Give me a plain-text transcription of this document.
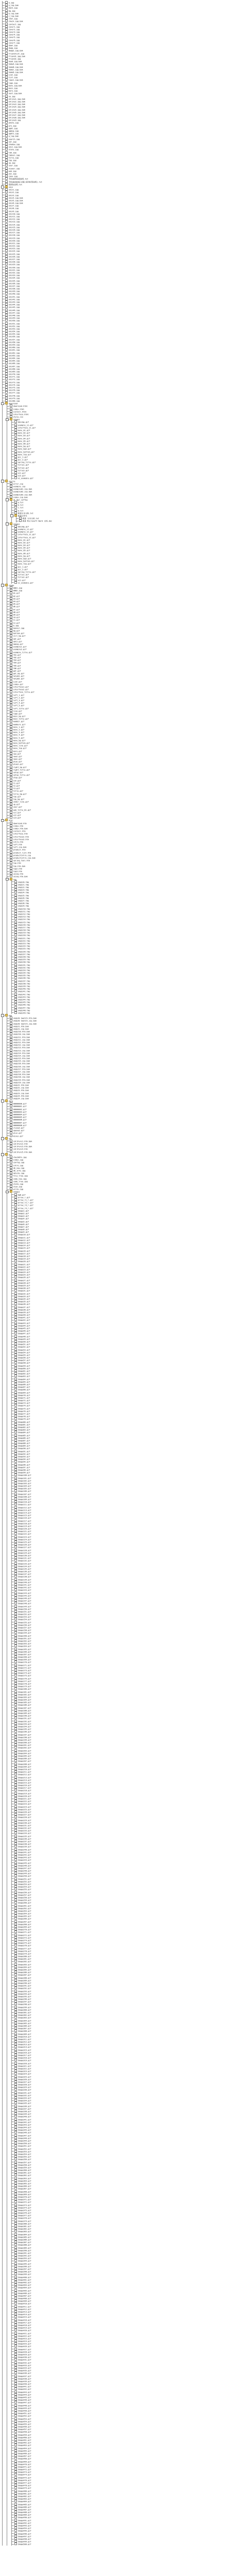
a.jpg
a_log.bak
back.jpg
bg.jpg
b_log.bak
c_log.bak
chat.jpg
check.jpg.bak
contact.jpg
cover1.jpg
cover2.jpg
cover3.jpg
cover4.jpg
cover5.jpg
cover6.jpg
cover7.jpg
down.jpg
dwqq.jpg
dwqq2.jpg.bak
friendlist.jpg
friend1.jpg.bak
friend2.jpg
head.jpg.bak
homeA.jpg.bak
homeB.jpg.bak
homeC.jpg.bak
homeD.jpg.bak
icon.jpg
list.jpg
login.jpg.bak
logo.jpg
menu.jpg.bak
mess.jpg
more.jpg
next.jpg.bak
no.jpg
online1.jpg.bak
online2.jpg.bak
online3.jpg.bak
online4.jpg.bak
online5.jpg.bak
online6.jpg.bak
online7.jpg.bak
online8.jpg.bak
online9.jpg
photo.jpg
pre.jpg
qqdt.jpg
qqmsg.jpg
qqdt1.jpg
q_log.bak
search.jpg
set.jpg
shadow.jpg
skin.jpg.bak
state.jpg
tab.jpg
tabsel.jpg
title.jpg
top.jpg
up.jpg
user.jpg
viewer.jpg
web.jpg
yes.jpg
zone.jpg
手机QQ网页版说明.txt
手机QQ2008正式版(适用机型说明).txt
资源包说明.txt
−	skin
skin1.jpg
skin2.jpg
skin3.jpg
skin4.jpg.bak
skin5.jpg.bak
skin6.jpg.bak
skin7.jpg
skin8.jpg
skin9.jpg
skin10.jpg
skin11.jpg
skin12.jpg
skin13.jpg
skin14.jpg
skin15.jpg
skin16.jpg
skin17.jpg
skin18.jpg
skin19.jpg
skin20.jpg
skin21.jpg
skin22.jpg
skin23.jpg
skin24.jpg
skin25.jpg
skin26.jpg
skin27.jpg
skin28.jpg
skin29.jpg
skin30.jpg
skin31.jpg
skin32.jpg
skin33.jpg
skin34.jpg
skin35.jpg
skin36.jpg
skin37.jpg
skin38.jpg
skin39.jpg
skin40.jpg
skin41.jpg
skin42.jpg
skin43.jpg
skin44.jpg
skin45.jpg
skin46.jpg
skin47.jpg
skin48.jpg
skin49.jpg
skin50.jpg
skin51.jpg
skin52.jpg
skin53.jpg
skin54.jpg
skin55.jpg
skin56.jpg
skin57.jpg
skin58.jpg
skin59.jpg
skin60.jpg
skin61.jpg
skin62.jpg
skin63.jpg
skin64.jpg
skin65.jpg
skin66.jpg
skin67.jpg
skin68.jpg
skin69.jpg
skin70.jpg
skin71.jpg
skin72.jpg
skin73.jpg
skin74.jpg
skin75.jpg
skin76.jpg
skin77.jpg
skin78.jpg
skin79.jpg
skin80.jpg
−	download
download.html
index.html
install.html
interface.html
style.css
−	images
bbsimg.gif
example_s1.gif
interface_s1.gif
menu_01.gif
menu_02.gif
menu_03.gif
menu_04.gif
menu_05.gif
menu_06.gif
menu_bg.gif
menu_bg2.gif
menu_bottom.gif
menu_top.gif
pic_1.gif
pic_2.gif
spring_title.gif
title1.gif
title2.gif
title3.gif
xz1.gif
xz2.gif
xz_example.gif
−	source
error.jsp
example.jsp
example01.jsp.bak
example02.jsp.bak
example03.jsp.bak
index.jsp.bak
−	ql_mgr_coffee
a.txt
b.txt
c.txt
d.txt
新建文本文档.txt
−	新建文件夹
新建 文本文档.txt
新建 Microsoft Word 文档.doc
−	images
bbsimg.gif
example_s1.gif
example_s2.gif
interface_s1.gif
interface_s2.gif
menu_01.gif
menu_02.gif
menu_03.gif
menu_04.gif
menu_05.gif
menu_06.gif
menu_bg.gif
menu_bg2.gif
menu_bottom.gif
menu_top.gif
pic_1.gif
pic_2.gif
spring_title.gif
title1.gif
title2.gif
xz1.gif
xz_example.gif
−	image
0001.jpg
0002.jpg
01.gif
02.gif
03.gif
04.gif
05.gif
06.gif
07.gif
08.gif
09.gif
10.gif
11.gif
12.gif
b.jpg
banner.jpg
bg.gif
bottom.gif
circ_bg.gif
dot.gif
dot2.gif
dwmsg.gif
example1.gif
example2.gif
example_title.gif
f01.gif
f02.gif
f03.gif
f04.gif
f05.gif
f06.gif
get.gif
get_bg.gif
help01.gif
help02.gif
icon.gif
index.gif
interface1.gif
interface2.gif
interface_title.gif
left_1.gif
left_2.gif
left_3.gif
left_4.gif
left_5.gif
left_title.gif
line.gif
logo.gif
main_bg.gif
main_title.gif
member.gif
members.gif
menu_1.gif
menu_2.gif
menu_3.gif
menu_4.gif
menu_5.gif
menu_bg.gif
menu_bottom.gif
menu_line.gif
menu_top.gif
more.gif
new.gif
new2.gif
news.gif
play.gif
play2.gif
right_bg.gif
right_title.gif
setup.gif
setup_title.gif
step.gif
sun.gif
t1.gif
t2.gif
t3.gif
title.gif
title_bg.gif
top.gif
top_bg.gif
under_line.gif
up.gif
user.gif
web_title_01.gif
xz1.gif
xz2.gif
xz3.gif
−	html
download.htm
index.htm
index.htm.bak
install.htm
interface.htm
interface2.htm
interface3.htm
intro.htm
left.htm
left.jsp.bak
product.htm
product_list.htm
productintro.jsp
productintro.jsp.bak
spring_tool.htm
top.htm
top.htm.bak
top2.htm
top3.htm
using.htm
using.htm.bak
−	tmp
skqSJ0.tmp
skqSJ1.tmp
skqSJ2.tmp
skqSJ3.tmp
skqSJ4.tmp
skqSJ5.tmp
skqSJ6.tmp
skqSJ7.tmp
skqSJ8.tmp
skqSJ9.tmp
skqSJ10.tmp
skqSJ11.tmp
skqSJ12.tmp
skqSJ13.tmp
skqSJ14.tmp
skqSJ15.tmp
skqSJ16.tmp
skqSJ17.tmp
skqSJ18.tmp
skqSJ19.tmp
skqSJ20.tmp
skqSJ21.tmp
skqSJ22.tmp
skqSJ23.tmp
skqSJ24.tmp
skqSJ25.tmp
skqSJ26.tmp
skqSJ27.tmp
skqSJ28.tmp
skqSJ29.tmp
skqSJ30.tmp
skqSJ31.tmp
skqSJ32.tmp
skqSJ33.tmp
skqSJ34.tmp
skqSJ35.tmp
skqSJ36.tmp
skqSJ37.tmp
skqSJ38.tmp
skqSJ39.tmp
skqSJ40.tmp
skqSJ41.tmp
skqSJ42.tmp
skqSJ43.tmp
skqSJ44.tmp
skqSJ45.tmp
skqSJ46.tmp
skqSJ47.tmp
skqSJ48.tmp
skqSJ49.tmp
−	bak
skqSJ0 Swatch.htm.bak
skqSJ0 Swatch.jsp.bak
skqSJ0 Swatch.jsp.bak
skqSJ1.htm.bak
skqSJ1.jsp.bak
skqSJ10.htm.bak
skqSJ10.jsp.bak
skqSJ11.htm.bak
skqSJ11.jsp.bak
skqSJ12.htm.bak
skqSJ12.jsp.bak
skqSJ13.htm.bak
skqSJ13.jsp.bak
skqSJ14.htm.bak
skqSJ14.jsp.bak
skqSJ15.htm.bak
skqSJ15.jsp.bak
skqSJ16.htm.bak
skqSJ16.jsp.bak
skqSJ17.htm.bak
skqSJ17.jsp.bak
skqSJ18.htm.bak
skqSJ18.jsp.bak
skqSJ19.htm.bak
skqSJ19.jsp.bak
skqSJ2.htm.bak
skqSJ2.jsp.bak
skqSJ3.htm.bak
skqSJ3.jsp.bak
skqSJ4.htm.bak
skqSJ4.jsp.bak
−	data
00000000.gif
00000001.gif
00000002.gif
00000003.gif
00000004.gif
00000005.gif
00000006.gif
00000007.gif
00000008.gif
closed.gif
opened.gif
plus.gif
minus.gif
−	xml
callFunc1.htm.bak
callFunc2.htm
callFunc3.htm.bak
callFunc4.htm
callFunc5.htm.bak
−	pic
checkBtn.jpg
index.jpg
config.jpg
intro.jpg
db_new.jpg
db_info.jpg
delete.jpg
file_tree.jpg
code_new.jpg
code_tree.jpg
state.jpg
view.jpg
write.jpg
−	images
bg0.gif
arrow_r.gif
arrow_r1_r.gif
arrow_r2_r.gif
arrow_r3_r.gif
arrow_r4_r.gif
Image1.gif
Image2.gif
Image3.gif
Image4.gif
Image5.gif
Image6.gif
Image7.gif
Image8.gif
Image9.gif
Image10.gif
Image11.gif
Image12.gif
Image13.gif
Image14.gif
Image15.gif
Image16.gif
Image17.gif
Image18.gif
Image19.gif
Image20.gif
Image21.gif
Image22.gif
Image23.gif
Image24.gif
Image25.gif
Image26.gif
Image27.gif
Image28.gif
Image29.gif
Image30.gif
Image31.gif
Image32.gif
Image33.gif
Image34.gif
Image35.gif
Image36.gif
Image37.gif
Image38.gif
Image39.gif
Image40.gif
Image41.gif
Image42.gif
Image43.gif
Image44.gif
Image45.gif
Image46.gif
Image47.gif
Image48.gif
Image49.gif
Image50.gif
Image51.gif
Image52.gif
Image53.gif
Image54.gif
Image55.gif
Image56.gif
Image57.gif
Image58.gif
Image59.gif
Image60.gif
Image61.gif
Image62.gif
Image63.gif
Image64.gif
Image65.gif
Image66.gif
Image67.gif
Image68.gif
Image69.gif
Image70.gif
Image71.gif
Image72.gif
Image73.gif
Image74.gif
Image75.gif
Image76.gif
Image77.gif
Image78.gif
Image79.gif
Image80.gif
Image81.gif
Image82.gif
Image83.gif
Image84.gif
Image85.gif
Image86.gif
Image87.gif
Image88.gif
Image89.gif
Image90.gif
Image91.gif
Image92.gif
Image93.gif
Image94.gif
Image95.gif
Image96.gif
Image97.gif
Image98.gif
Image99.gif
Image100.gif
Image101.gif
Image102.gif
Image103.gif
Image104.gif
Image105.gif
Image106.gif
Image107.gif
Image108.gif
Image109.gif
Image110.gif
Image111.gif
Image112.gif
Image113.gif
Image114.gif
Image115.gif
Image116.gif
Image117.gif
Image118.gif
Image119.gif
Image120.gif
Image121.gif
Image122.gif
Image123.gif
Image124.gif
Image125.gif
Image126.gif
Image127.gif
Image128.gif
Image129.gif
Image130.gif
Image131.gif
Image132.gif
Image133.gif
Image134.gif
Image135.gif
Image136.gif
Image137.gif
Image138.gif
Image139.gif
Image140.gif
Image141.gif
Image142.gif
Image143.gif
Image144.gif
Image145.gif
Image146.gif
Image147.gif
Image148.gif
Image149.gif
Image150.gif
Image151.gif
Image152.gif
Image153.gif
Image154.gif
Image155.gif
Image156.gif
Image157.gif
Image158.gif
Image159.gif
Image160.gif
Image161.gif
Image162.gif
Image163.gif
Image164.gif
Image165.gif
Image166.gif
Image167.gif
Image168.gif
Image169.gif
Image170.gif
Image171.gif
Image172.gif
Image173.gif
Image174.gif
Image175.gif
Image176.gif
Image177.gif
Image178.gif
Image179.gif
Image180.gif
Image181.gif
Image182.gif
Image183.gif
Image184.gif
Image185.gif
Image186.gif
Image187.gif
Image188.gif
Image189.gif
Image190.gif
Image191.gif
Image192.gif
Image193.gif
Image194.gif
Image195.gif
Image196.gif
Image197.gif
Image198.gif
Image199.gif
Image200.gif
Image201.gif
Image202.gif
Image203.gif
Image204.gif
Image205.gif
Image206.gif
Image207.gif
Image208.gif
Image209.gif
Image210.gif
Image211.gif
Image212.gif
Image213.gif
Image214.gif
Image215.gif
Image216.gif
Image217.gif
Image218.gif
Image219.gif
Image220.gif
Image221.gif
Image222.gif
Image223.gif
Image224.gif
Image225.gif
Image226.gif
Image227.gif
Image228.gif
Image229.gif
Image230.gif
Image231.gif
Image232.gif
Image233.gif
Image234.gif
Image235.gif
Image236.gif
Image237.gif
Image238.gif
Image239.gif
Image240.gif
Image241.gif
Image242.gif
Image243.gif
Image244.gif
Image245.gif
Image246.gif
Image247.gif
Image248.gif
Image249.gif
Image250.gif
Image251.gif
Image252.gif
Image253.gif
Image254.gif
Image255.gif
Image256.gif
Image257.gif
Image258.gif
Image259.gif
Image260.gif
Image261.gif
Image262.gif
Image263.gif
Image264.gif
Image265.gif
Image266.gif
Image267.gif
Image268.gif
Image269.gif
Image270.gif
Image271.gif
Image272.gif
Image273.gif
Image274.gif
Image275.gif
Image276.gif
Image277.gif
Image278.gif
Image279.gif
Image280.gif
Image281.gif
Image282.gif
Image283.gif
Image284.gif
Image285.gif
Image286.gif
Image287.gif
Image288.gif
Image289.gif
Image290.gif
Image291.gif
Image292.gif
Image293.gif
Image294.gif
Image295.gif
Image296.gif
Image297.gif
Image298.gif
Image299.gif
Image300.gif
Image301.gif
Image302.gif
Image303.gif
Image304.gif
Image305.gif
Image306.gif
Image307.gif
Image308.gif
Image309.gif
Image310.gif
Image311.gif
Image312.gif
Image313.gif
Image314.gif
Image315.gif
Image316.gif
Image317.gif
Image318.gif
Image319.gif
Image320.gif
Image321.gif
Image322.gif
Image323.gif
Image324.gif
Image325.gif
Image326.gif
Image327.gif
Image328.gif
Image329.gif
Image330.gif
Image331.gif
Image332.gif
Image333.gif
Image334.gif
Image335.gif
Image336.gif
Image337.gif
Image338.gif
Image339.gif
Image340.gif
Image341.gif
Image342.gif
Image343.gif
Image344.gif
Image345.gif
Image346.gif
Image347.gif
Image348.gif
Image349.gif
Image350.gif
Image351.gif
Image352.gif
Image353.gif
Image354.gif
Image355.gif
Image356.gif
Image357.gif
Image358.gif
Image359.gif
Image360.gif
Image361.gif
Image362.gif
Image363.gif
Image364.gif
Image365.gif
Image366.gif
Image367.gif
Image368.gif
Image369.gif
Image370.gif
Image371.gif
Image372.gif
Image373.gif
Image374.gif
Image375.gif
Image376.gif
Image377.gif
Image378.gif
Image379.gif
Image380.gif
Image381.gif
Image382.gif
Image383.gif
Image384.gif
Image385.gif
Image386.gif
Image387.gif
Image388.gif
Image389.gif
Image390.gif
Image391.gif
Image392.gif
Image393.gif
Image394.gif
Image395.gif
Image396.gif
Image397.gif
Image398.gif
Image399.gif
Image400.gif
Image401.gif
Image402.gif
Image403.gif
Image404.gif
Image405.gif
Image406.gif
Image407.gif
Image408.gif
Image409.gif
Image410.gif
Image411.gif
Image412.gif
Image413.gif
Image414.gif
Image415.gif
Image416.gif
Image417.gif
Image418.gif
Image419.gif
Image420.gif
Image421.gif
Image422.gif
Image423.gif
Image424.gif
Image425.gif
Image426.gif
Image427.gif
Image428.gif
Image429.gif
Image430.gif
Image431.gif
Image432.gif
Image433.gif
Image434.gif
Image435.gif
Image436.gif
Image437.gif
Image438.gif
Image439.gif
Image440.gif
Image441.gif
Image442.gif
Image443.gif
Image444.gif
Image445.gif
Image446.gif
Image447.gif
Image448.gif
Image449.gif
Image450.gif
Image451.gif
Image452.gif
Image453.gif
Image454.gif
Image455.gif
Image456.gif
Image457.gif
Image458.gif
Image459.gif
Image460.gif
Image461.gif
Image462.gif
Image463.gif
Image464.gif
Image465.gif
Image466.gif
Image467.gif
Image468.gif
Image469.gif
Image470.gif
Image471.gif
Image472.gif
Image473.gif
Image474.gif
Image475.gif
Image476.gif
Image477.gif
Image478.gif
Image479.gif
Image480.gif
Image481.gif
Image482.gif
Image483.gif
Image484.gif
Image485.gif
Image486.gif
Image487.gif
Image488.gif
Image489.gif
Image490.gif
Image491.gif
Image492.gif
Image493.gif
Image494.gif
Image495.gif
Image496.gif
Image497.gif
Image498.gif
Image499.gif
Image500.gif
